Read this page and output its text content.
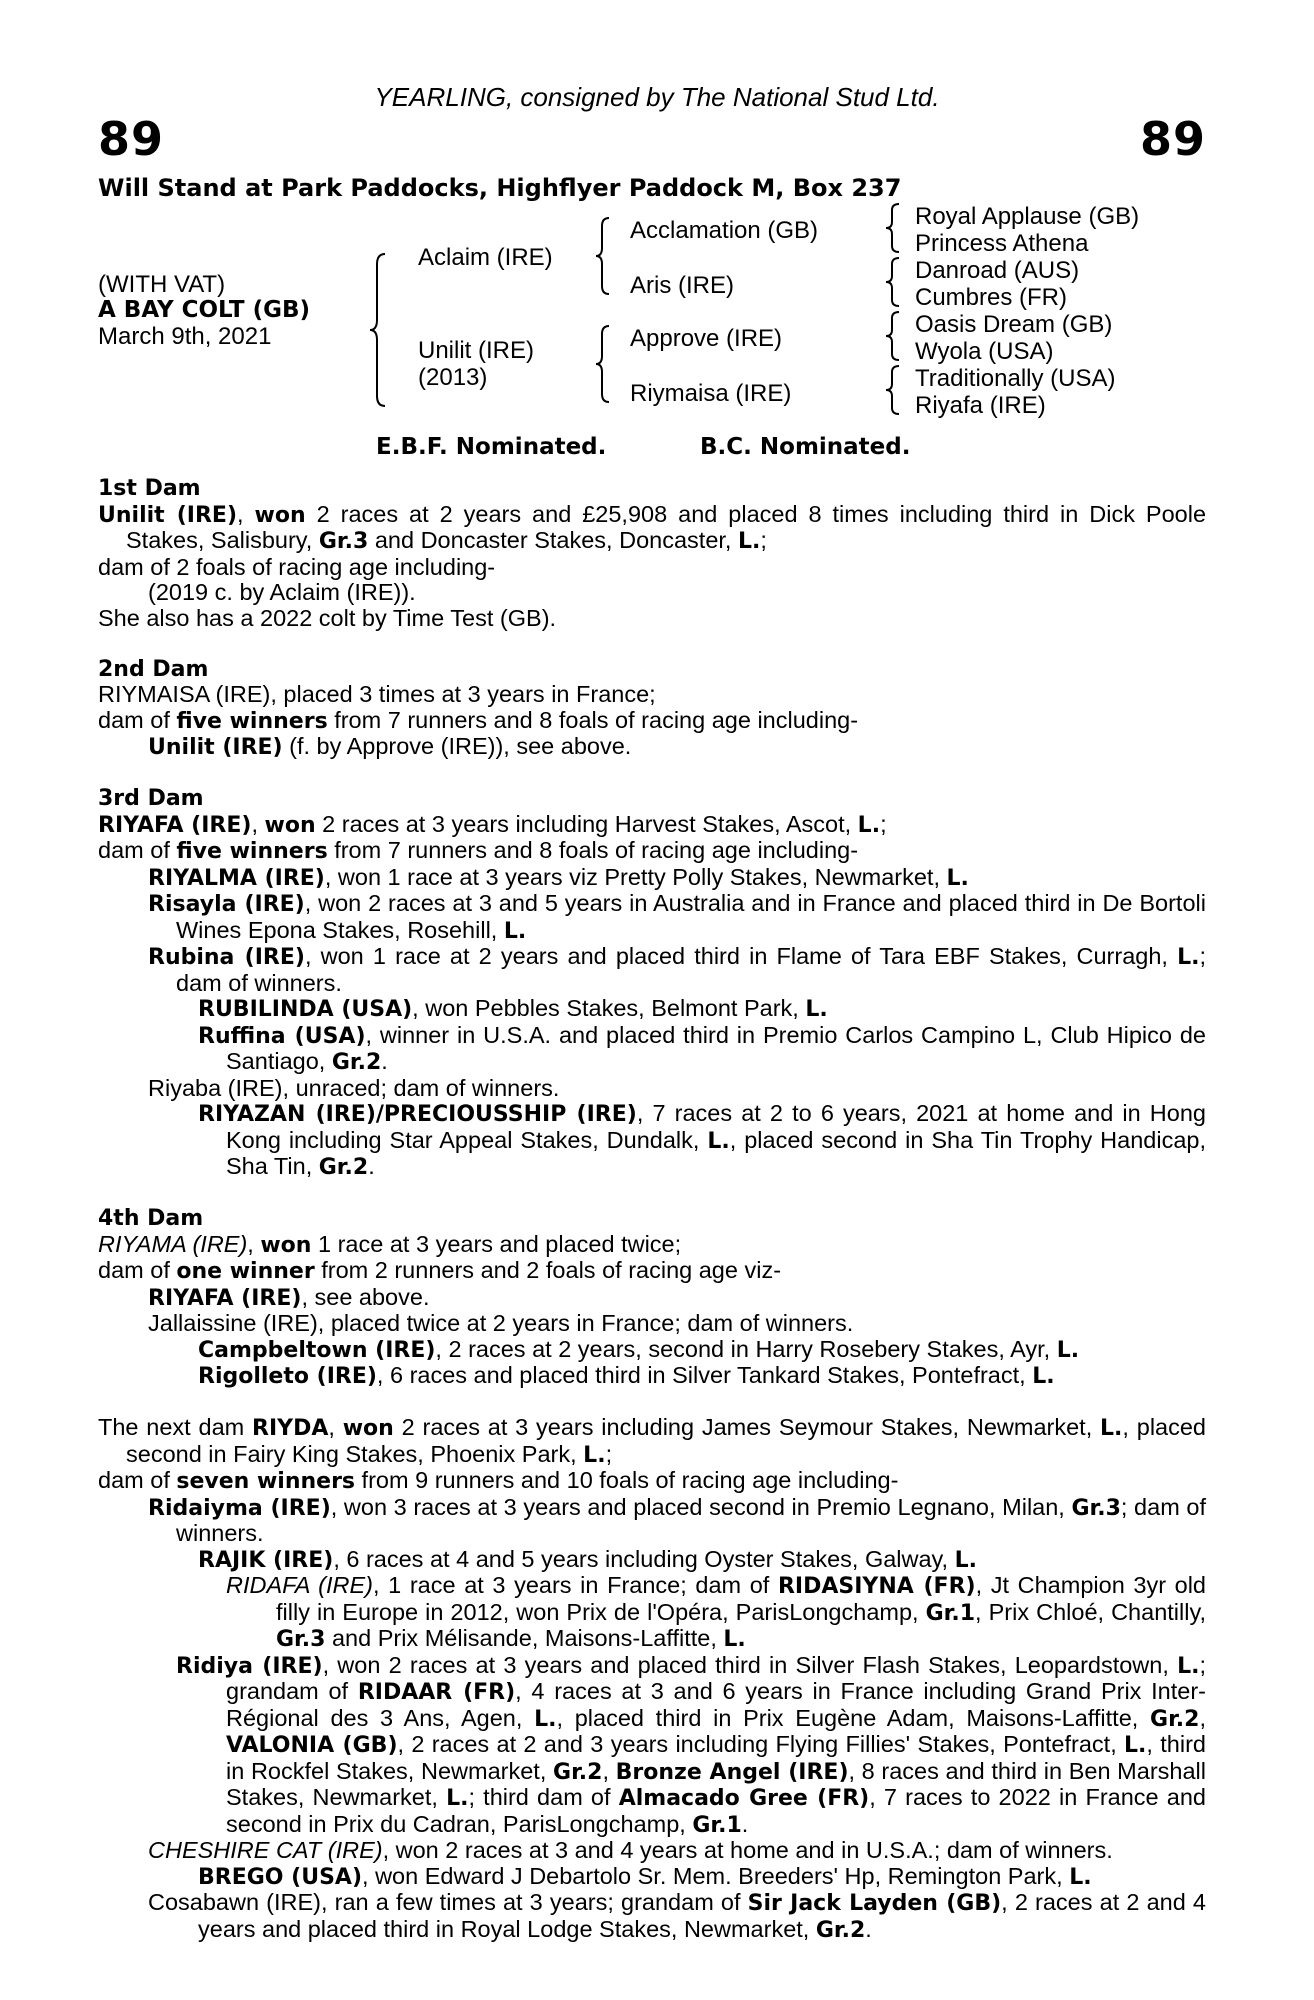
YEARLING, consigned by The National Stud Ltd.
89	89
Will Stand at Park Paddocks, Highflyer Paddock M, Box 237
(WITH VAT)
A BAY COLT (GB)
March 9th, 2021
Aclaim (IRE)
Unilit (IRE)
(2013)
Acclamation (GB)
Aris (IRE)
Approve (IRE)
Riymaisa (IRE)
Royal Applause (GB)
Princess Athena
Danroad (AUS)
Cumbres (FR)
Oasis Dream (GB)
Wyola (USA)
Traditionally (USA)
Riyafa (IRE)
E.B.F. Nominated.	B.C. Nominated.

1st Dam

Unilit (IRE), won 2 races at 2 years and £25,908 and placed 8 times including third in Dick Poole Stakes, Salisbury, Gr.3 and Doncaster Stakes, Doncaster, L.;

dam of 2 foals of racing age including-

(2019 c. by Aclaim (IRE)).

She also has a 2022 colt by Time Test (GB).

2nd Dam

RIYMAISA (IRE), placed 3 times at 3 years in France;

dam of five winners from 7 runners and 8 foals of racing age including-

Unilit (IRE) (f. by Approve (IRE)), see above.

3rd Dam

RIYAFA (IRE), won 2 races at 3 years including Harvest Stakes, Ascot, L.;

dam of five winners from 7 runners and 8 foals of racing age including-

RIYALMA (IRE), won 1 race at 3 years viz Pretty Polly Stakes, Newmarket, L.

Risayla (IRE), won 2 races at 3 and 5 years in Australia and in France and placed third in De Bortoli Wines Epona Stakes, Rosehill, L.

Rubina (IRE), won 1 race at 2 years and placed third in Flame of Tara EBF Stakes, Curragh, L.; dam of winners.

RUBILINDA (USA), won Pebbles Stakes, Belmont Park, L.

Ruffina (USA), winner in U.S.A. and placed third in Premio Carlos Campino L, Club Hipico de Santiago, Gr.2.

Riyaba (IRE), unraced; dam of winners.

RIYAZAN (IRE)/PRECIOUSSHIP (IRE), 7 races at 2 to 6 years, 2021 at home and in Hong Kong including Star Appeal Stakes, Dundalk, L., placed second in Sha Tin Trophy Handicap, Sha Tin, Gr.2.

4th Dam

RIYAMA (IRE), won 1 race at 3 years and placed twice;

dam of one winner from 2 runners and 2 foals of racing age viz-

RIYAFA (IRE), see above.

Jallaissine (IRE), placed twice at 2 years in France; dam of winners.

Campbeltown (IRE), 2 races at 2 years, second in Harry Rosebery Stakes, Ayr, L.

Rigolleto (IRE), 6 races and placed third in Silver Tankard Stakes, Pontefract, L.

The next dam RIYDA, won 2 races at 3 years including James Seymour Stakes, Newmarket, L., placed second in Fairy King Stakes, Phoenix Park, L.;

dam of seven winners from 9 runners and 10 foals of racing age including-

Ridaiyma (IRE), won 3 races at 3 years and placed second in Premio Legnano, Milan, Gr.3; dam of winners.

RAJIK (IRE), 6 races at 4 and 5 years including Oyster Stakes, Galway, L.

RIDAFA (IRE), 1 race at 3 years in France; dam of RIDASIYNA (FR), Jt Champion 3yr old filly in Europe in 2012, won Prix de l'Opéra, ParisLongchamp, Gr.1, Prix Chloé, Chantilly, Gr.3 and Prix Mélisande, Maisons-Laffitte, L.

Ridiya (IRE), won 2 races at 3 years and placed third in Silver Flash Stakes, Leopardstown, L.; grandam of RIDAAR (FR), 4 races at 3 and 6 years in France including Grand Prix Inter-Régional des 3 Ans, Agen, L., placed third in Prix Eugène Adam, Maisons-Laffitte, Gr.2, VALONIA (GB), 2 races at 2 and 3 years including Flying Fillies' Stakes, Pontefract, L., third in Rockfel Stakes, Newmarket, Gr.2, Bronze Angel (IRE), 8 races and third in Ben Marshall Stakes, Newmarket, L.; third dam of Almacado Gree (FR), 7 races to 2022 in France and second in Prix du Cadran, ParisLongchamp, Gr.1.

CHESHIRE CAT (IRE), won 2 races at 3 and 4 years at home and in U.S.A.; dam of winners.

BREGO (USA), won Edward J Debartolo Sr. Mem. Breeders' Hp, Remington Park, L.

Cosabawn (IRE), ran a few times at 3 years; grandam of Sir Jack Layden (GB), 2 races at 2 and 4 years and placed third in Royal Lodge Stakes, Newmarket, Gr.2.
